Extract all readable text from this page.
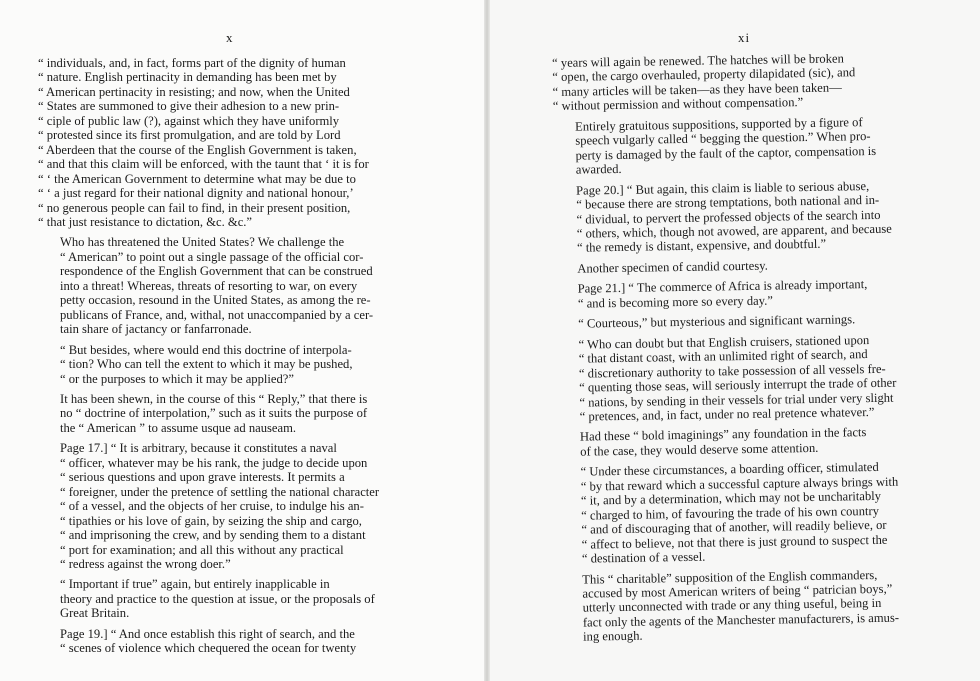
x

“ individuals, and, in fact, forms part of the dignity of human
“ nature. English pertinacity in demanding has been met by
“ American pertinacity in resisting; and now, when the United
“ States are summoned to give their adhesion to a new prin-
“ ciple of public law (?), against which they have uniformly
“ protested since its first promulgation, and are told by Lord
“ Aberdeen that the course of the English Government is taken,
“ and that this claim will be enforced, with the taunt that ‘ it is for
“ ‘ the American Government to determine what may be due to
“ ‘ a just regard for their national dignity and national honour,’
“ no generous people can fail to find, in their present position,
“ that just resistance to dictation, &c. &c.”

Who has threatened the United States? We challenge the
“ American” to point out a single passage of the official cor-
respondence of the English Government that can be construed
into a threat! Whereas, threats of resorting to war, on every
petty occasion, resound in the United States, as among the re-
publicans of France, and, withal, not unaccompanied by a cer-
tain share of jactancy or fanfarronade.

“ But besides, where would end this doctrine of interpola-
“ tion? Who can tell the extent to which it may be pushed,
“ or the purposes to which it may be applied?”

It has been shewn, in the course of this “ Reply,” that there is
no “ doctrine of interpolation,” such as it suits the purpose of
the “ American ” to assume usque ad nauseam.

Page 17.] “ It is arbitrary, because it constitutes a naval
“ officer, whatever may be his rank, the judge to decide upon
“ serious questions and upon grave interests. It permits a
“ foreigner, under the pretence of settling the national character
“ of a vessel, and the objects of her cruise, to indulge his an-
“ tipathies or his love of gain, by seizing the ship and cargo,
“ and imprisoning the crew, and by sending them to a distant
“ port for examination; and all this without any practical
“ redress against the wrong doer.”

“ Important if true” again, but entirely inapplicable in
theory and practice to the question at issue, or the proposals of
Great Britain.

Page 19.] “ And once establish this right of search, and the
“ scenes of violence which chequered the ocean for twenty

xi

“ years will again be renewed. The hatches will be broken
“ open, the cargo overhauled, property dilapidated (sic), and
“ many articles will be taken—as they have been taken—
“ without permission and without compensation.”

Entirely gratuitous suppositions, supported by a figure of
speech vulgarly called “ begging the question.” When pro-
perty is damaged by the fault of the captor, compensation is
awarded.

Page 20.] “ But again, this claim is liable to serious abuse,
“ because there are strong temptations, both national and in-
“ dividual, to pervert the professed objects of the search into
“ others, which, though not avowed, are apparent, and because
“ the remedy is distant, expensive, and doubtful.”

Another specimen of candid courtesy.

Page 21.] “ The commerce of Africa is already important,
“ and is becoming more so every day.”

“ Courteous,” but mysterious and significant warnings.

“ Who can doubt but that English cruisers, stationed upon
“ that distant coast, with an unlimited right of search, and
“ discretionary authority to take possession of all vessels fre-
“ quenting those seas, will seriously interrupt the trade of other
“ nations, by sending in their vessels for trial under very slight
“ pretences, and, in fact, under no real pretence whatever.”

Had these “ bold imaginings” any foundation in the facts
of the case, they would deserve some attention.

“ Under these circumstances, a boarding officer, stimulated
“ by that reward which a successful capture always brings with
“ it, and by a determination, which may not be uncharitably
“ charged to him, of favouring the trade of his own country
“ and of discouraging that of another, will readily believe, or
“ affect to believe, not that there is just ground to suspect the
“ destination of a vessel.

This “ charitable” supposition of the English commanders,
accused by most American writers of being “ patrician boys,”
utterly unconnected with trade or any thing useful, being in
fact only the agents of the Manchester manufacturers, is amus-
ing enough.
